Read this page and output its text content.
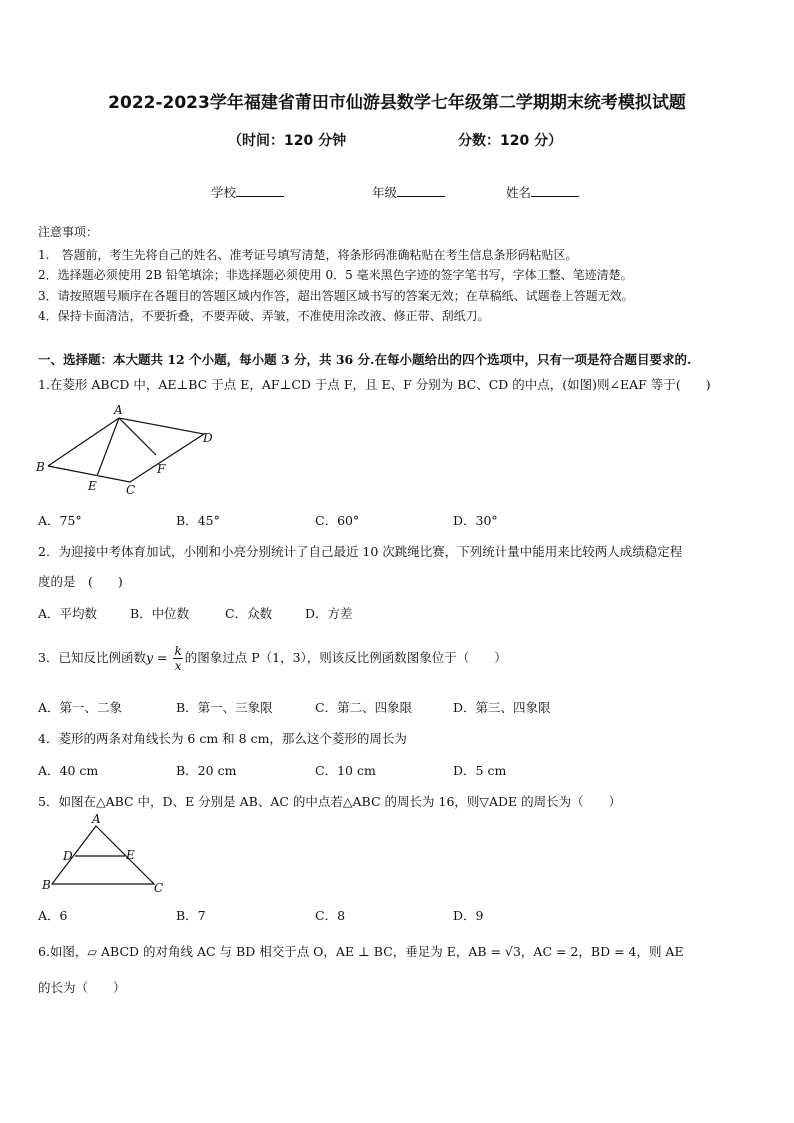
2022-2023学年福建省莆田市仙游县数学七年级第二学期期末统考模拟试题
（时间：120 分钟	分数：120 分）
学校	年级	姓名
注意事项：
1.　答题前，考生先将自己的姓名、准考证号填写清楚，将条形码准确粘贴在考生信息条形码粘贴区。
2．选择题必须使用 2B 铅笔填涂；非选择题必须使用 0．5 毫米黑色字迹的签字笔书写，字体工整、笔迹清楚。
3．请按照题号顺序在各题目的答题区域内作答，超出答题区域书写的答案无效；在草稿纸、试题卷上答题无效。
4．保持卡面清洁，不要折叠，不要弄破、弄皱，不准使用涂改液、修正带、刮纸刀。
一、选择题：本大题共 12 个小题，每小题 3 分，共 36 分.在每小题给出的四个选项中，只有一项是符合题目要求的.
1.在菱形 ABCD 中，AE⊥BC 于点 E，AF⊥CD 于点 F，且 E、F 分别为 BC、CD 的中点，(如图)则∠EAF 等于(　　)
A
B
C
D
E
F
A．75°	B．45°	C．60°	D．30°
2．为迎接中考体育加试，小刚和小亮分别统计了自己最近 10 次跳绳比赛，下列统计量中能用来比较两人成绩稳定程
度的是　(　　)
A．平均数	B．中位数	C．众数	D．方差
3．已知反比例函数$y = \frac{k}{x}$ 的图象过点 P（1，3），则该反比例函数图象位于（　　）
A．第一、二象	B．第一、三象限	C．第二、四象限	D．第三、四象限
4．菱形的两条对角线长为 6 cm 和 8 cm，那么这个菱形的周长为
A．40 cm	B．20 cm	C．10 cm	D．5 cm
5．如图在△ABC 中，D、E 分别是 AB、AC 的中点若△ABC 的周长为 16，则▽ADE 的周长为（　　）
A
B	C
D	E
A．6	B．7	C．8	D．9
6.如图，▱ ABCD 的对角线 AC 与 BD 相交于点 O，AE ⊥ BC，垂足为 E，AB = √3，AC = 2，BD = 4，则 AE
的长为（　　）
